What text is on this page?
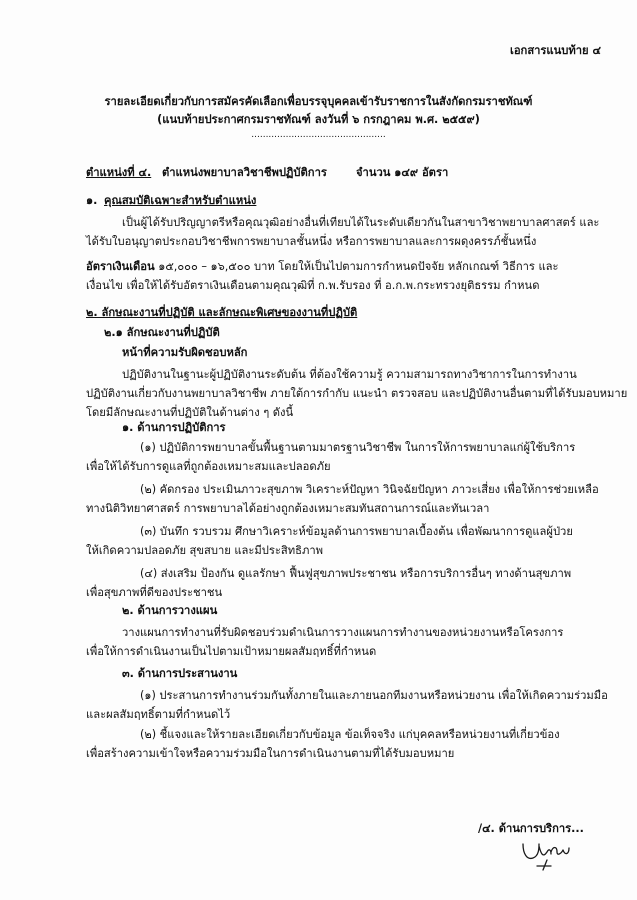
เอกสารแนบท้าย ๔
รายละเอียดเกี่ยวกับการสมัครคัดเลือกเพื่อบรรจุบุคคลเข้ารับราชการในสังกัดกรมราชทัณฑ์
(แนบท้ายประกาศกรมราชทัณฑ์ ลงวันที่ ๖ กรกฎาคม พ.ศ. ๒๕๕๙)
...............................................
ตำแหน่งที่ ๔. ตำแหน่งพยาบาลวิชาชีพปฏิบัติการ	จำนวน ๑๔๙ อัตรา
๑. คุณสมบัติเฉพาะสำหรับตำแหน่ง
เป็นผู้ได้รับปริญญาตรีหรือคุณวุฒิอย่างอื่นที่เทียบได้ในระดับเดียวกันในสาขาวิชาพยาบาลศาสตร์ และ
ได้รับใบอนุญาตประกอบวิชาชีพการพยาบาลชั้นหนึ่ง หรือการพยาบาลและการผดุงครรภ์ชั้นหนึ่ง
อัตราเงินเดือน ๑๕,๐๐๐ – ๑๖,๕๐๐ บาท โดยให้เป็นไปตามการกำหนดปัจจัย หลักเกณฑ์ วิธีการ และ
เงื่อนไข เพื่อให้ได้รับอัตราเงินเดือนตามคุณวุฒิที่ ก.พ.รับรอง ที่ อ.ก.พ.กระทรวงยุติธรรม กำหนด
๒. ลักษณะงานที่ปฏิบัติ และลักษณะพิเศษของงานที่ปฏิบัติ
๒.๑ ลักษณะงานที่ปฏิบัติ
หน้าที่ความรับผิดชอบหลัก
ปฏิบัติงานในฐานะผู้ปฏิบัติงานระดับต้น ที่ต้องใช้ความรู้ ความสามารถทางวิชาการในการทำงาน
ปฏิบัติงานเกี่ยวกับงานพยาบาลวิชาชีพ ภายใต้การกำกับ แนะนำ ตรวจสอบ และปฏิบัติงานอื่นตามที่ได้รับมอบหมาย
โดยมีลักษณะงานที่ปฏิบัติในด้านต่าง ๆ ดังนี้
๑. ด้านการปฏิบัติการ
(๑) ปฏิบัติการพยาบาลขั้นพื้นฐานตามมาตรฐานวิชาชีพ ในการให้การพยาบาลแก่ผู้ใช้บริการ
เพื่อให้ได้รับการดูแลที่ถูกต้องเหมาะสมและปลอดภัย
(๒) คัดกรอง ประเมินภาวะสุขภาพ วิเคราะห์ปัญหา วินิจฉัยปัญหา ภาวะเสี่ยง เพื่อให้การช่วยเหลือ
ทางนิติวิทยาศาสตร์ การพยาบาลได้อย่างถูกต้องเหมาะสมทันสถานการณ์และทันเวลา
(๓) บันทึก รวบรวม ศึกษาวิเคราะห์ข้อมูลด้านการพยาบาลเบื้องต้น เพื่อพัฒนาการดูแลผู้ป่วย
ให้เกิดความปลอดภัย สุขสบาย และมีประสิทธิภาพ
(๔) ส่งเสริม ป้องกัน ดูแลรักษา ฟื้นฟูสุขภาพประชาชน หรือการบริการอื่นๆ ทางด้านสุขภาพ
เพื่อสุขภาพที่ดีของประชาชน
๒. ด้านการวางแผน
วางแผนการทำงานที่รับผิดชอบร่วมดำเนินการวางแผนการทำงานของหน่วยงานหรือโครงการ
เพื่อให้การดำเนินงานเป็นไปตามเป้าหมายผลสัมฤทธิ์ที่กำหนด
๓. ด้านการประสานงาน
(๑) ประสานการทำงานร่วมกันทั้งภายในและภายนอกทีมงานหรือหน่วยงาน เพื่อให้เกิดความร่วมมือ
และผลสัมฤทธิ์ตามที่กำหนดไว้
(๒) ชี้แจงและให้รายละเอียดเกี่ยวกับข้อมูล ข้อเท็จจริง แก่บุคคลหรือหน่วยงานที่เกี่ยวข้อง
เพื่อสร้างความเข้าใจหรือความร่วมมือในการดำเนินงานตามที่ได้รับมอบหมาย
/๔. ด้านการบริการ...
